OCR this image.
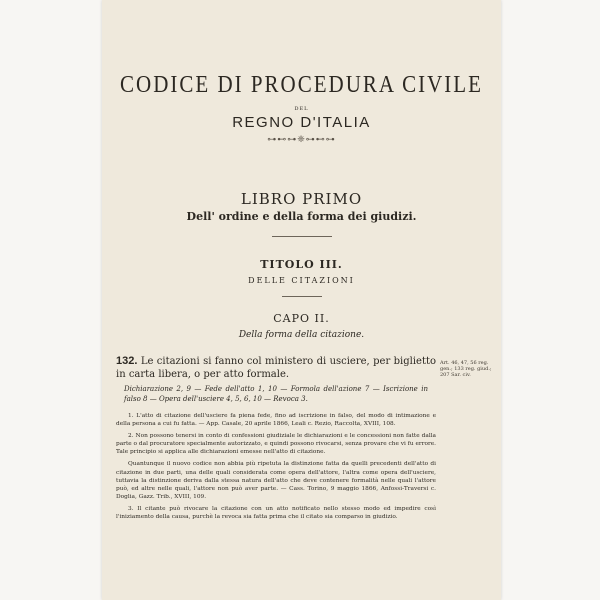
CODICE DI PROCEDURA CIVILE
DEL
REGNO D'ITALIA
⊶⊷⊶❈⊶⊷⊶
LIBRO PRIMO
Dell' ordine e della forma dei giudizi.
TITOLO III.
DELLE CITAZIONI
CAPO II.
Della forma della citazione.
132. Le citazioni si fanno col ministero di usciere, per biglietto in carta libera, o per atto formale.
Art. 46, 47, 56 reg. gen.; 133 reg. giud.; 207 Sar. civ.
Dichiarazione 2, 9 — Fede dell'atto 1, 10 — Formola dell'azione 7 — Iscrizione in falso 8 — Opera dell'usciere 4, 5, 6, 10 — Revoca 3.

1. L'atto di citazione dell'usciere fa piena fede, fino ad iscrizione in falso, del modo di intimazione e della persona a cui fu fatta. — App. Casale, 20 aprile 1866, Leali c. Rezio, Raccolta, XVIII, 108.

2. Non possono tenersi in conto di confessioni giudiziale le dichiarazioni e le concessioni non fatte dalla parte o dal procuratore specialmente autorizzato, e quindi possono rivocarsi, senza provare che vi fu errore. Tale principio si applica alle dichiarazioni emesse nell'atto di citazione.

Quantunque il nuovo codice non abbia più ripetuta la distinzione fatta da quelli precedenti dell'atto di citazione in due parti, una delle quali considerata come opera dell'attore, l'altra come opera dell'usciere, tuttavia la distinzione deriva dalla stessa natura dell'atto che deve contenere formalità nelle quali l'attore può, ed altre nelle quali, l'attore non può aver parte. — Cass. Torino, 9 maggio 1866, Anfossi-Traversi c. Doglia, Gazz. Trib., XVIII, 109.

3. Il citante può rivocare la citazione con un atto notificato nello stesso modo ed impedire così l'iniziamento della causa, purchè la revoca sia fatta prima che il citato sia comparso in giudizio.
